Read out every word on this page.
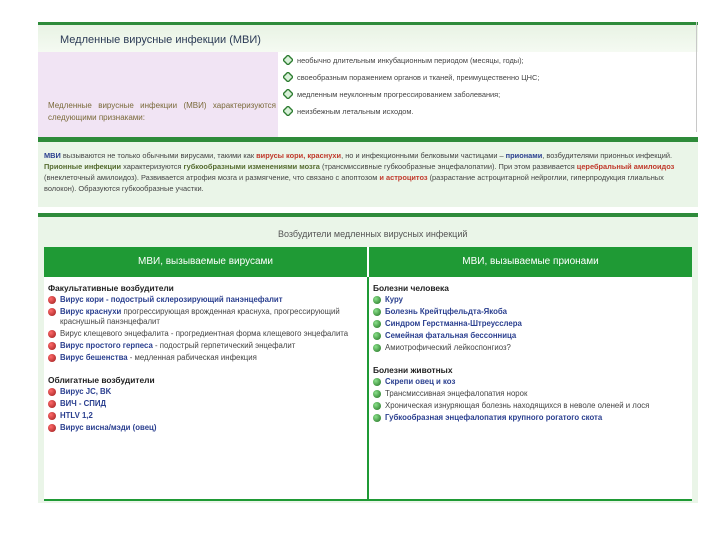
Медленные вирусные инфекции (МВИ)
Медленные вирусные инфекции (МВИ) характеризуются следующими признаками:
необычно длительным инкубационным периодом (месяцы, годы);
своеобразным поражением органов и тканей, преимущественно ЦНС;
медленным неуклонным прогрессированием заболевания;
неизбежным летальным исходом.
МВИ вызываются не только обычными вирусами, такими как вирусы кори, краснухи, но и инфекционными белковыми частицами – прионами, возбудителями прионных инфекций. Прионные инфекции характеризуются губкообразными изменениями мозга (трансмиссивные губкообразные энцефалопатии). При этом развивается церебральный амилоидоз (внеклеточный амилоидоз). Развивается атрофия мозга и размягчение, что связано с апоптозом и астроцитоз (разрастание астроцитарной нейроглии, гиперпродукция глиальных волокон). Образуются губкообразные участки.
Возбудители медленных вирусных инфекций
МВИ, вызываемые вирусами	МВИ, вызываемые прионами
Факультативные возбудители
Вирус кори - подострый склерозирующий панэнцефалит
Вирус краснухи прогрессирующая врожденная краснуха, прогрессирующий краснушный панэнцефалит
Вирус клещевого энцефалита - прогредиентная форма клещевого энцефалита
Вирус простого герпеса - подострый герпетический энцефалит
Вирус бешенства - медленная рабическая инфекция
Облигатные возбудители
Вирус JC, BK
ВИЧ - СПИД
HTLV 1,2
Вирус висна/мэди (овец)
Болезни человека
Куру
Болезнь Крейтцфельдта-Якоба
Синдром Герстманна-Штреусслера
Семейная фатальная бессонница
Амиотрофический лейкоспонгиоз?
Болезни животных
Скрепи овец и коз
Трансмиссивная энцефалопатия норок
Хроническая изнуряющая болезнь находящихся в неволе оленей и лося
Губкообразная энцефалопатия крупного рогатого скота
